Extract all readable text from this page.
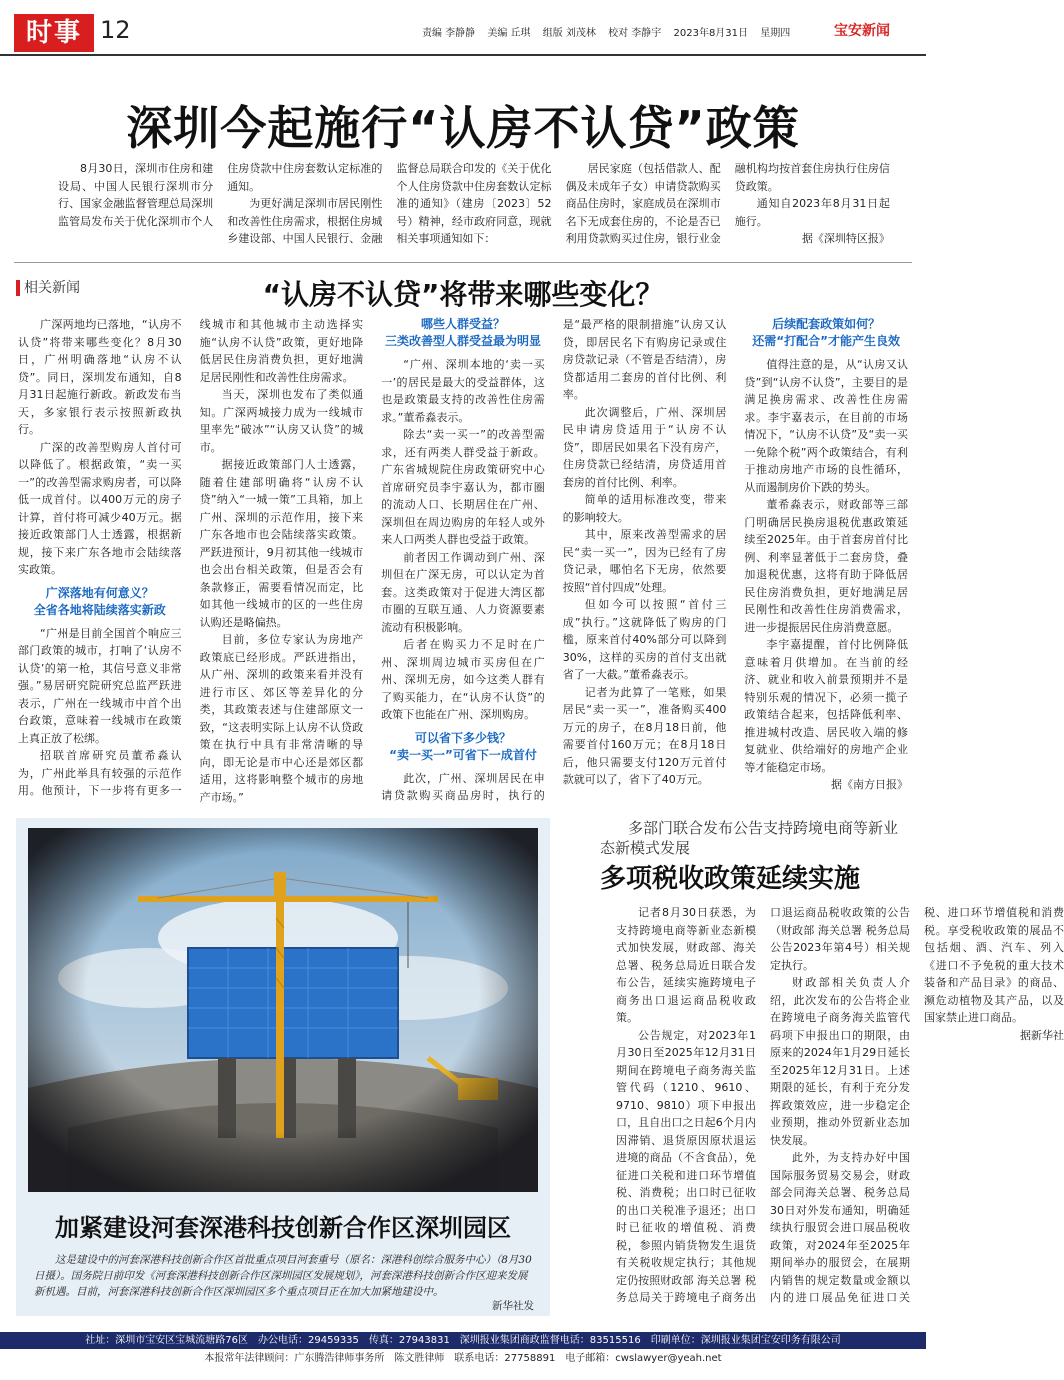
时事 12	责编 李静静 美编 丘琪 组版 刘茂林 校对 李静宇 2023年8月31日 星期四	宝安新闻
深圳今起施行“认房不认贷”政策

8月30日，深圳市住房和建设局、中国人民银行深圳市分行、国家金融监督管理总局深圳监管局发布关于优化深圳市个人住房贷款中住房套数认定标准的通知。

为更好满足深圳市居民刚性和改善性住房需求，根据住房城乡建设部、中国人民银行、金融监督总局联合印发的《关于优化个人住房贷款中住房套数认定标准的通知》（建房〔2023〕52号）精神，经市政府同意，现就相关事项通知如下：

居民家庭（包括借款人、配偶及未成年子女）申请贷款购买商品住房时，家庭成员在深圳市名下无成套住房的，不论是否已利用贷款购买过住房，银行业金融机构均按首套住房执行住房信贷政策。

通知自2023年8月31日起施行。

据《深圳特区报》

相关新闻	“认房不认贷”将带来哪些变化？

广深两地均已落地，“认房不认贷”将带来哪些变化？8月30日，广州明确落地“认房不认贷”。同日，深圳发布通知，自8月31日起施行新政。新政发布当天，多家银行表示按照新政执行。

广深的改善型购房人首付可以降低了。根据政策，“卖一买一”的改善型需求购房者，可以降低一成首付。以400万元的房子计算，首付将可减少40万元。据接近政策部门人士透露，根据新规，接下来广东各地市会陆续落实政策。

广深落地有何意义？
全省各地将陆续落实新政

“广州是目前全国首个响应三部门政策的城市，打响了‘认房不认贷’的第一枪，其信号意义非常强。”易居研究院研究总监严跃进表示，广州在一线城市中首个出台政策，意味着一线城市在政策上真正放了松绑。

招联首席研究员董希淼认为，广州此举具有较强的示范作用。他预计，下一步将有更多一线城市和其他城市主动选择实施“认房不认贷”政策，更好地降低居民住房消费负担，更好地满足居民刚性和改善性住房需求。

当天，深圳也发布了类似通知。广深两城接力成为一线城市里率先“破冰”“认房又认贷”的城市。

据接近政策部门人士透露，随着住建部明确将“认房不认贷”纳入“一城一策”工具箱，加上广州、深圳的示范作用，接下来广东各地市也会陆续落实政策。严跃进预计，9月初其他一线城市也会出台相关政策，但是否会有条款修正，需要看情况而定，比如其他一线城市的区的一些住房认购还是略偏热。

目前，多位专家认为房地产政策底已经形成。严跃进指出，从广州、深圳的政策来看并没有进行市区、郊区等差异化的分类，其政策表述与住建部原文一致，“这表明实际上认房不认贷政策在执行中具有非常清晰的导向，即无论是市中心还是郊区都适用，这将影响整个城市的房地产市场。”

哪些人群受益？
三类改善型人群受益最为明显

“广州、深圳本地的‘卖一买一’的居民是最大的受益群体，这也是政策最支持的改善性住房需求。”董希淼表示。

除去“卖一买一”的改善型需求，还有两类人群受益于新政。广东省城规院住房政策研究中心首席研究员李宇嘉认为，都市圈的流动人口、长期居住在广州、深圳但在周边购房的年轻人或外来人口两类人群也受益于政策。

前者因工作调动到广州、深圳但在广深无房，可以认定为首套。这类政策对于促进大湾区都市圈的互联互通、人力资源要素流动有积极影响。

后者在购买力不足时在广州、深圳周边城市买房但在广州、深圳无房，如今这类人群有了购买能力，在“认房不认贷”的政策下也能在广州、深圳购房。

可以省下多少钱？
“卖一买一”可省下一成首付

此次，广州、深圳居民在申请贷款购买商品房时，执行的是“最严格的限制措施”认房又认贷，即居民名下有购房记录或住房贷款记录（不管是否结清），房贷都适用二套房的首付比例、利率。

此次调整后，广州、深圳居民申请房贷适用于“认房不认贷”，即居民如果名下没有房产，住房贷款已经结清，房贷适用首套房的首付比例、利率。

简单的适用标准改变，带来的影响较大。

其中，原来改善型需求的居民“卖一买一”，因为已经有了房贷记录，哪怕名下无房，依然要按照“首付四成”处理。

但如今可以按照“首付三成”执行。”这就降低了购房的门槛，原来首付40%部分可以降到30%，这样的买房的首付支出就省了一大截。”董希淼表示。

记者为此算了一笔账，如果居民“卖一买一”，准备购买400万元的房子，在8月18日前，他需要首付160万元；在8月18日后，他只需要支付120万元首付款就可以了，省下了40万元。

后续配套政策如何？
还需“打配合”才能产生良效

值得注意的是，从“认房又认贷”到“认房不认贷”，主要目的是满足换房需求、改善性住房需求。李宇嘉表示，在目前的市场情况下，“认房不认贷”及“卖一买一免除个税”两个政策结合，有利于推动房地产市场的良性循环，从而遏制房价下跌的势头。

董希淼表示，财政部等三部门明确居民换房退税优惠政策延续至2025年。由于首套房首付比例、利率显著低于二套房贷，叠加退税优惠，这将有助于降低居民住房消费负担，更好地满足居民刚性和改善性住房消费需求，进一步提振居民住房消费意愿。

李宇嘉提醒，首付比例降低意味着月供增加。在当前的经济、就业和收入前景预期并不是特别乐观的情况下，必须一揽子政策结合起来，包括降低利率、推进城村改造、居民收入端的修复就业、供给端好的房地产企业等才能稳定市场。

据《南方日报》

加紧建设河套深港科技创新合作区深圳园区

这是建设中的河套深港科技创新合作区首批重点项目河套重号（原名：深港科创综合服务中心）（8月30日摄）。国务院日前印发《河套深港科技创新合作区深圳园区发展规划》，河套深港科技创新合作区迎来发展新机遇。目前，河套深港科技创新合作区深圳园区多个重点项目正在加大加紧地建设中。

新华社发
多部门联合发布公告支持跨境电商等新业态新模式发展
多项税收政策延续实施

记者8月30日获悉，为支持跨境电商等新业态新模式加快发展，财政部、海关总署、税务总局近日联合发布公告，延续实施跨境电子商务出口退运商品税收政策。

公告规定，对2023年1月30日至2025年12月31日期间在跨境电子商务海关监管代码（1210、9610、9710、9810）项下申报出口，且自出口之日起6个月内因滞销、退货原因原状退运进境的商品（不含食品），免征进口关税和进口环节增值税、消费税；出口时已征收的出口关税准予退还；出口时已征收的增值税、消费税，参照内销货物发生退货有关税收规定执行；其他规定仍按照财政部 海关总署 税务总局关于跨境电子商务出口退运商品税收政策的公告（财政部 海关总署 税务总局公告2023年第4号）相关规定执行。

财政部相关负责人介绍，此次发布的公告将企业在跨境电子商务海关监管代码项下申报出口的期限，由原来的2024年1月29日延长至2025年12月31日。上述期限的延长，有利于充分发挥政策效应，进一步稳定企业预期，推动外贸新业态加快发展。

此外，为支持办好中国国际服务贸易交易会，财政部会同海关总署、税务总局30日对外发布通知，明确延续执行服贸会进口展品税收政策，对2024年至2025年期间举办的服贸会，在展期内销售的规定数量或金额以内的进口展品免征进口关税、进口环节增值税和消费税。享受税收政策的展品不包括烟、酒、汽车、列入《进口不予免税的重大技术装备和产品目录》的商品、濒危动植物及其产品，以及国家禁止进口商品。

据新华社

社址：深圳市宝安区宝城流塘路76区　办公电话：29459335　传真：27943831　深圳报业集团商政监督电话：83515516　印刷单位：深圳报业集团宝安印务有限公司
本报常年法律顾问：广东腾浩律师事务所　陈文胜律师　联系电话：27758891　电子邮箱：cwslawyer@yeah.net
